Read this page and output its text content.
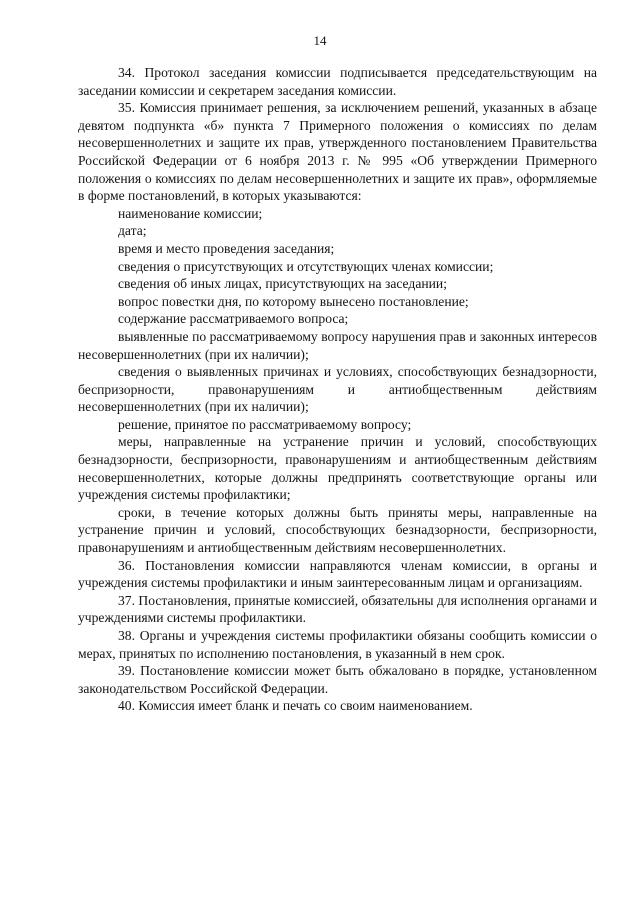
14

34. Протокол заседания комиссии подписывается председательствующим на заседании комиссии и секретарем заседания комиссии.

35. Комиссия принимает решения, за исключением решений, указанных в абзаце девятом подпункта «б» пункта 7 Примерного положения о комиссиях по делам несовершеннолетних и защите их прав, утвержденного постановлением Правительства Российской Федерации от 6 ноября 2013 г. № 995 «Об утверждении Примерного положения о комиссиях по делам несовершеннолетних и защите их прав», оформляемые в форме постановлений, в которых указываются:

наименование комиссии;
дата;
время и место проведения заседания;
сведения о присутствующих и отсутствующих членах комиссии;
сведения об иных лицах, присутствующих на заседании;
вопрос повестки дня, по которому вынесено постановление;
содержание рассматриваемого вопроса;
выявленные по рассматриваемому вопросу нарушения прав и законных интересов несовершеннолетних (при их наличии);
сведения о выявленных причинах и условиях, способствующих безнадзорности, беспризорности, правонарушениям и антиобщественным действиям несовершеннолетних (при их наличии);
решение, принятое по рассматриваемому вопросу;
меры, направленные на устранение причин и условий, способствующих безнадзорности, беспризорности, правонарушениям и антиобщественным действиям несовершеннолетних, которые должны предпринять соответствующие органы или учреждения системы профилактики;
сроки, в течение которых должны быть приняты меры, направленные на устранение причин и условий, способствующих безнадзорности, беспризорности, правонарушениям и антиобщественным действиям несовершеннолетних.

36. Постановления комиссии направляются членам комиссии, в органы и учреждения системы профилактики и иным заинтересованным лицам и организациям.

37. Постановления, принятые комиссией, обязательны для исполнения органами и учреждениями системы профилактики.

38. Органы и учреждения системы профилактики обязаны сообщить комиссии о мерах, принятых по исполнению постановления, в указанный в нем срок.

39. Постановление комиссии может быть обжаловано в порядке, установленном законодательством Российской Федерации.

40. Комиссия имеет бланк и печать со своим наименованием.
